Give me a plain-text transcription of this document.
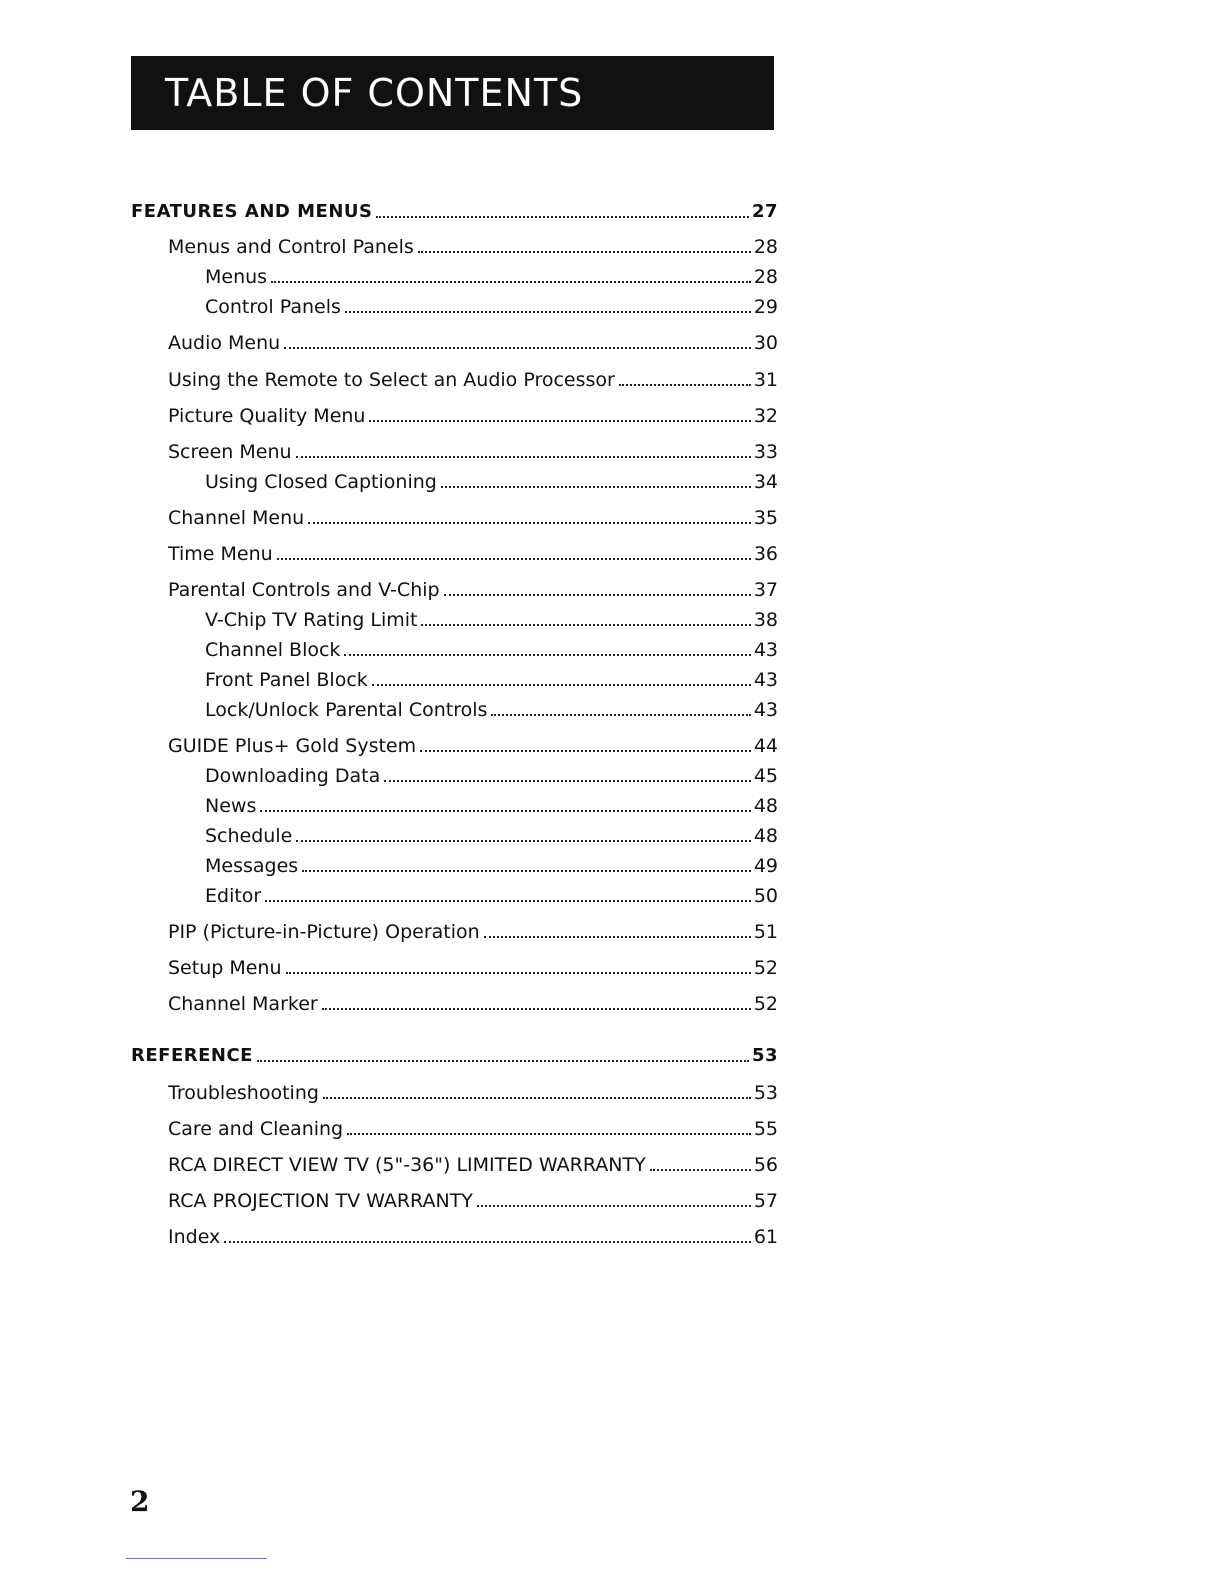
TABLE OF CONTENTS
FEATURES AND MENUS	27
Menus and Control Panels	28
Menus	28
Control Panels	29
Audio Menu	30
Using the Remote to Select an Audio Processor	31
Picture Quality Menu	32
Screen Menu	33
Using Closed Captioning	34
Channel Menu	35
Time Menu	36
Parental Controls and V-Chip	37
V-Chip TV Rating Limit	38
Channel Block	43
Front Panel Block	43
Lock/Unlock Parental Controls	43
GUIDE Plus+ Gold System	44
Downloading Data	45
News	48
Schedule	48
Messages	49
Editor	50
PIP (Picture-in-Picture) Operation	51
Setup Menu	52
Channel Marker	52
REFERENCE	53
Troubleshooting	53
Care and Cleaning	55
RCA DIRECT VIEW TV (5"-36") LIMITED WARRANTY	56
RCA PROJECTION TV WARRANTY	57
Index	61
2
